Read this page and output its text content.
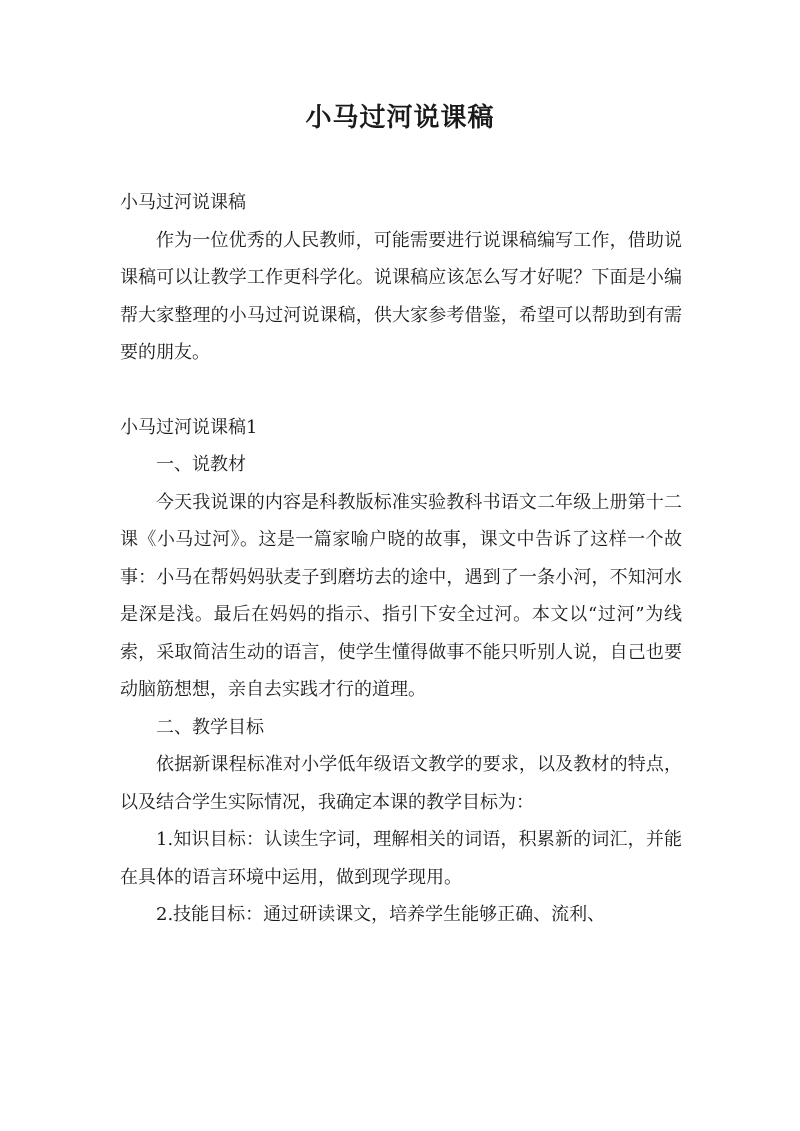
小马过河说课稿

小马过河说课稿

作为一位优秀的人民教师，可能需要进行说课稿编写工作，借助说课稿可以让教学工作更科学化。说课稿应该怎么写才好呢？下面是小编帮大家整理的小马过河说课稿，供大家参考借鉴，希望可以帮助到有需要的朋友。

小马过河说课稿1

一、说教材

今天我说课的内容是科教版标准实验教科书语文二年级上册第十二课《小马过河》。这是一篇家喻户晓的故事，课文中告诉了这样一个故事：小马在帮妈妈驮麦子到磨坊去的途中，遇到了一条小河，不知河水是深是浅。最后在妈妈的指示、指引下安全过河。本文以“过河”为线索，采取简洁生动的语言，使学生懂得做事不能只听别人说，自己也要动脑筋想想，亲自去实践才行的道理。

二、教学目标

依据新课程标准对小学低年级语文教学的要求，以及教材的特点，以及结合学生实际情况，我确定本课的教学目标为：

1.知识目标：认读生字词，理解相关的词语，积累新的词汇，并能在具体的语言环境中运用，做到现学现用。

2.技能目标：通过研读课文，培养学生能够正确、流利、
